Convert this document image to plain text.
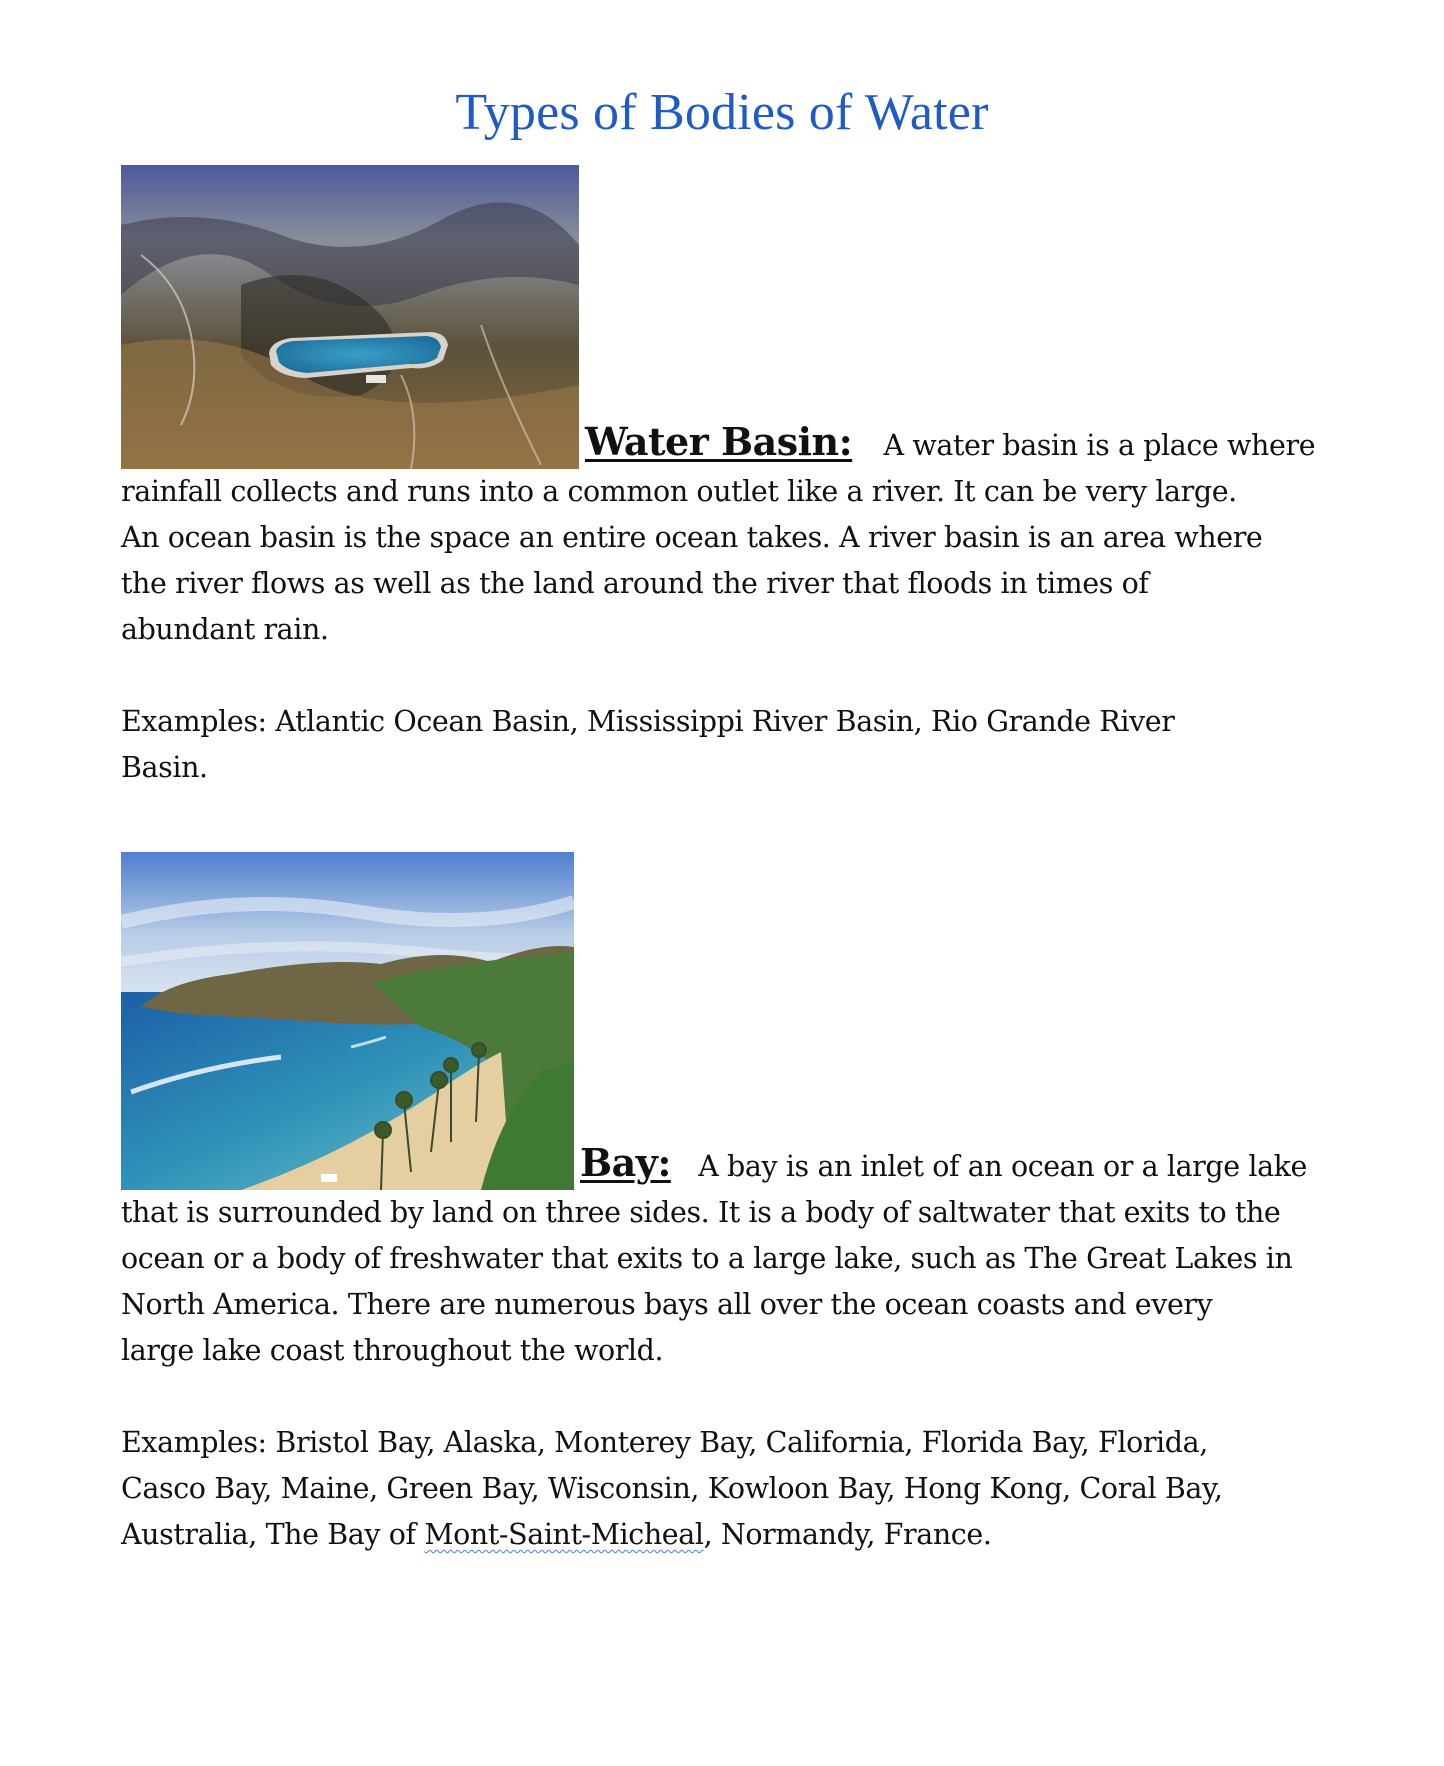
Types of Bodies of Water
Water Basin: A water basin is a place where

rainfall collects and runs into a common outlet like a river. It can be very large.
An ocean basin is the space an entire ocean takes. A river basin is an area where
the river flows as well as the land around the river that floods in times of
abundant rain.

Examples: Atlantic Ocean Basin, Mississippi River Basin, Rio Grande River
Basin.

Bay: A bay is an inlet of an ocean or a large lake

that is surrounded by land on three sides. It is a body of saltwater that exits to the
ocean or a body of freshwater that exits to a large lake, such as The Great Lakes in
North America. There are numerous bays all over the ocean coasts and every
large lake coast throughout the world.

Examples: Bristol Bay, Alaska, Monterey Bay, California, Florida Bay, Florida,
Casco Bay, Maine, Green Bay, Wisconsin, Kowloon Bay, Hong Kong, Coral Bay,
Australia, The Bay of Mont-Saint-Micheal, Normandy, France.
